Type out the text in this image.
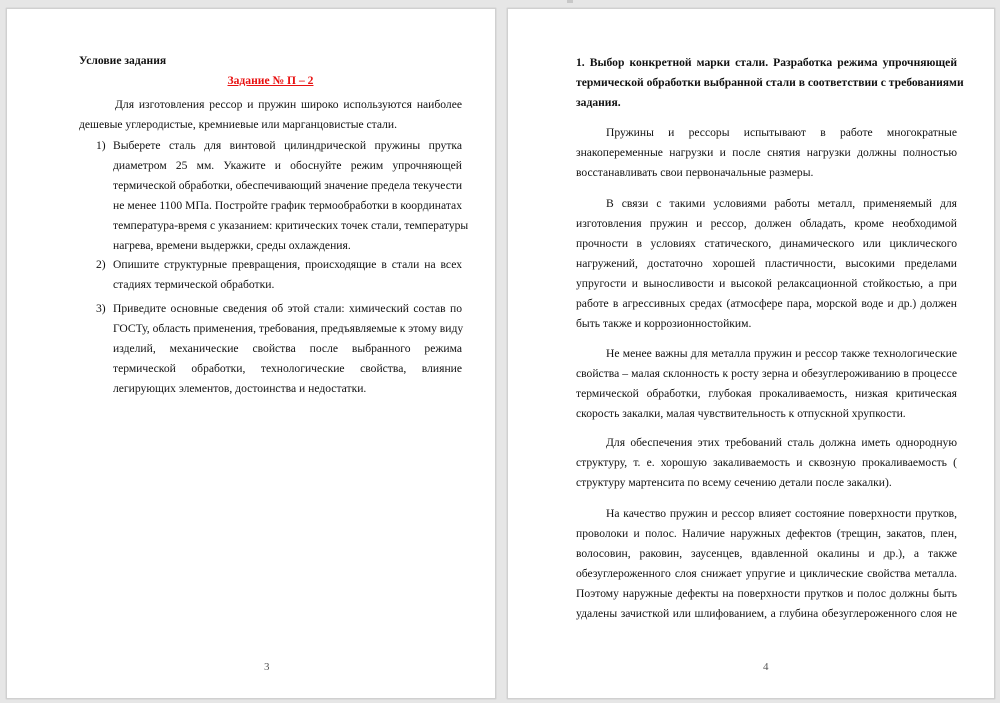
Условие задания
Задание № П – 2
Для изготовления рессор и пружин широко используются наиболее
дешевые углеродистые, кремниевые или марганцовистые стали.
1) Выберете сталь для винтовой цилиндрической пружины прутка
диаметром 25 мм. Укажите и обоснуйте режим упрочняющей
термической обработки, обеспечивающий значение предела текучести
не менее 1100 МПа. Постройте график термообработки в координатах
температура-время с указанием: критических точек стали, температуры
нагрева, времени выдержки, среды охлаждения.
2) Опишите структурные превращения, происходящие в стали на всех
стадиях термической обработки.
3) Приведите основные сведения об этой стали: химический состав по
ГОСТу, область применения, требования, предъявляемые к этому виду
изделий, механические свойства после выбранного режима
термической обработки, технологические свойства, влияние
легирующих элементов, достоинства и недостатки.
3
1. Выбор конкретной марки стали. Разработка режима упрочняющей
термической обработки выбранной стали в соответствии с требованиями
задания.
Пружины и рессоры испытывают в работе многократные
знакопеременные нагрузки и после снятия нагрузки должны полностью
восстанавливать свои первоначальные размеры.
В связи с такими условиями работы металл, применяемый для
изготовления пружин и рессор, должен обладать, кроме необходимой
прочности в условиях статического, динамического или циклического
нагружений, достаточно хорошей пластичности, высокими пределами
упругости и выносливости и высокой релаксационной стойкостью, а при
работе в агрессивных средах (атмосфере пара, морской воде и др.) должен
быть также и коррозионностойким.
Не менее важны для металла пружин и рессор также технологические
свойства – малая склонность к росту зерна и обезуглероживанию в процессе
термической обработки, глубокая прокаливаемость, низкая критическая
скорость закалки, малая чувствительность к отпускной хрупкости.
Для обеспечения этих требований сталь должна иметь однородную
структуру, т. е. хорошую закаливаемость и сквозную прокаливаемость (
структуру мартенсита по всему сечению детали после закалки).
На качество пружин и рессор влияет состояние поверхности прутков,
проволоки и полос. Наличие наружных дефектов (трещин, закатов, плен,
волосовин, раковин, заусенцев, вдавленной окалины и др.), а также
обезуглероженного слоя снижает упругие и циклические свойства металла.
Поэтому наружные дефекты на поверхности прутков и полос должны быть
удалены зачисткой или шлифованием, а глубина обезуглероженного слоя не
4
